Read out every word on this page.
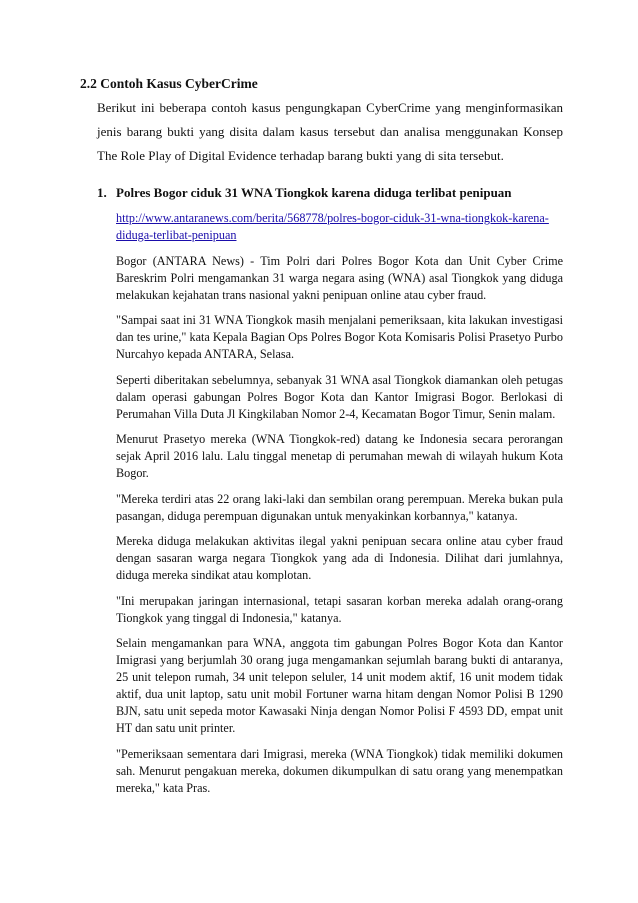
2.2 Contoh Kasus CyberCrime

Berikut ini beberapa contoh kasus pengungkapan CyberCrime yang menginformasikan jenis barang bukti yang disita dalam kasus tersebut dan analisa menggunakan Konsep The Role Play of Digital Evidence terhadap barang bukti yang di sita tersebut.

1. Polres Bogor ciduk 31 WNA Tiongkok karena diduga terlibat penipuan
http://www.antaranews.com/berita/568778/polres-bogor-ciduk-31-wna-tiongkok-karena-diduga-terlibat-penipuan

Bogor (ANTARA News) - Tim Polri dari Polres Bogor Kota dan Unit Cyber Crime Bareskrim Polri mengamankan 31 warga negara asing (WNA) asal Tiongkok yang diduga melakukan kejahatan trans nasional yakni penipuan online atau cyber fraud.

"Sampai saat ini 31 WNA Tiongkok masih menjalani pemeriksaan, kita lakukan investigasi dan tes urine," kata Kepala Bagian Ops Polres Bogor Kota Komisaris Polisi Prasetyo Purbo Nurcahyo kepada ANTARA, Selasa.

Seperti diberitakan sebelumnya, sebanyak 31 WNA asal Tiongkok diamankan oleh petugas dalam operasi gabungan Polres Bogor Kota dan Kantor Imigrasi Bogor. Berlokasi di Perumahan Villa Duta Jl Kingkilaban Nomor 2-4, Kecamatan Bogor Timur, Senin malam.

Menurut Prasetyo mereka (WNA Tiongkok-red) datang ke Indonesia secara perorangan sejak April 2016 lalu. Lalu tinggal menetap di perumahan mewah di wilayah hukum Kota Bogor.

"Mereka terdiri atas 22 orang laki-laki dan sembilan orang perempuan. Mereka bukan pula pasangan, diduga perempuan digunakan untuk menyakinkan korbannya," katanya.

Mereka diduga melakukan aktivitas ilegal yakni penipuan secara online atau cyber fraud dengan sasaran warga negara Tiongkok yang ada di Indonesia. Dilihat dari jumlahnya, diduga mereka sindikat atau komplotan.

"Ini merupakan jaringan internasional, tetapi sasaran korban mereka adalah orang-orang Tiongkok yang tinggal di Indonesia," katanya.

Selain mengamankan para WNA, anggota tim gabungan Polres Bogor Kota dan Kantor Imigrasi yang berjumlah 30 orang juga mengamankan sejumlah barang bukti di antaranya, 25 unit telepon rumah, 34 unit telepon seluler, 14 unit modem aktif, 16 unit modem tidak aktif, dua unit laptop, satu unit mobil Fortuner warna hitam dengan Nomor Polisi B 1290 BJN, satu unit sepeda motor Kawasaki Ninja dengan Nomor Polisi F 4593 DD, empat unit HT dan satu unit printer.

"Pemeriksaan sementara dari Imigrasi, mereka (WNA Tiongkok) tidak memiliki dokumen sah. Menurut pengakuan mereka, dokumen dikumpulkan di satu orang yang menempatkan mereka," kata Pras.
